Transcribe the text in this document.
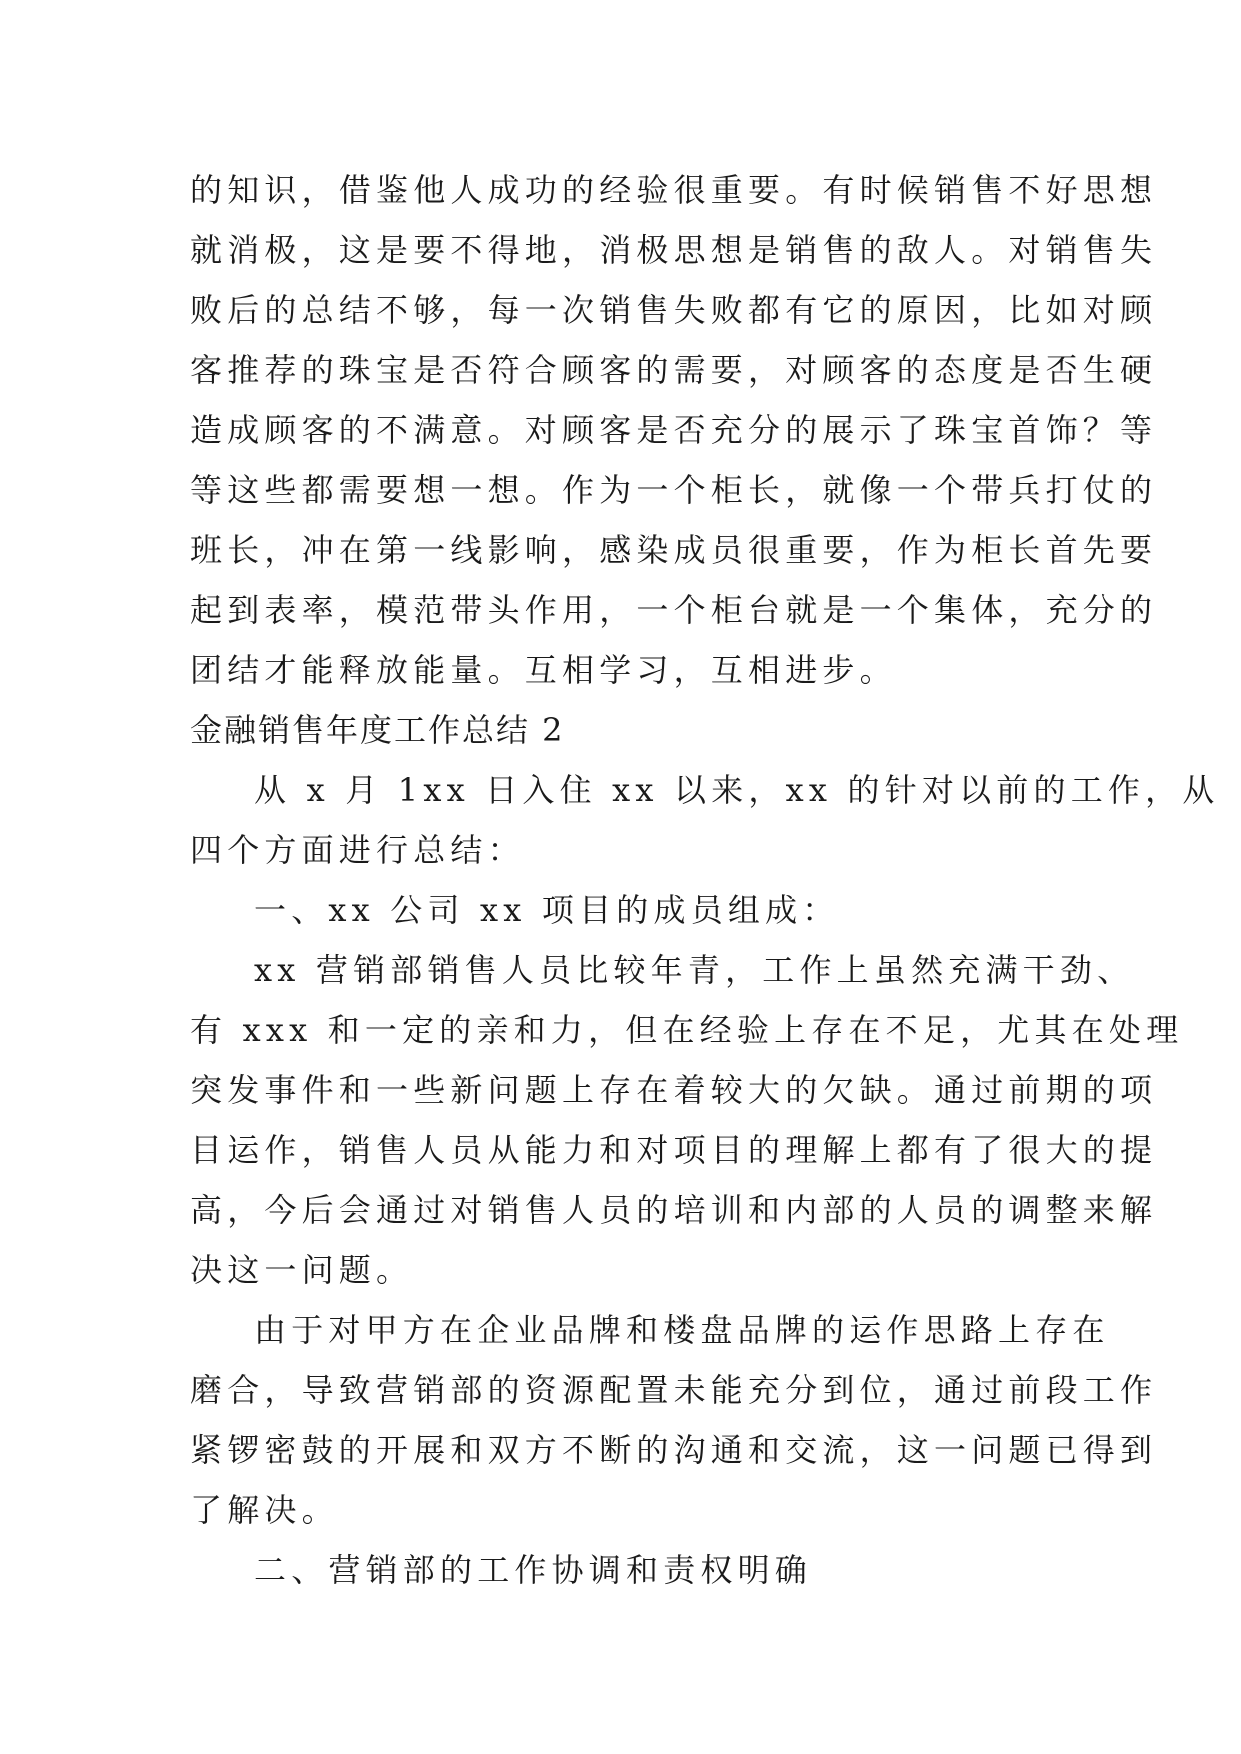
的知识，借鉴他人成功的经验很重要。有时候销售不好思想
就消极，这是要不得地，消极思想是销售的敌人。对销售失
败后的总结不够，每一次销售失败都有它的原因，比如对顾
客推荐的珠宝是否符合顾客的需要，对顾客的态度是否生硬
造成顾客的不满意。对顾客是否充分的展示了珠宝首饰？等
等这些都需要想一想。作为一个柜长，就像一个带兵打仗的
班长，冲在第一线影响，感染成员很重要，作为柜长首先要
起到表率，模范带头作用，一个柜台就是一个集体，充分的
团结才能释放能量。互相学习，互相进步。
金融销售年度工作总结 2
从 x 月 1xx 日入住 xx 以来，xx 的针对以前的工作，从
四个方面进行总结：
一、xx 公司 xx 项目的成员组成：
xx 营销部销售人员比较年青，工作上虽然充满干劲、
有 xxx 和一定的亲和力，但在经验上存在不足，尤其在处理
突发事件和一些新问题上存在着较大的欠缺。通过前期的项
目运作，销售人员从能力和对项目的理解上都有了很大的提
高，今后会通过对销售人员的培训和内部的人员的调整来解
决这一问题。
由于对甲方在企业品牌和楼盘品牌的运作思路上存在
磨合，导致营销部的资源配置未能充分到位，通过前段工作
紧锣密鼓的开展和双方不断的沟通和交流，这一问题已得到
了解决。
二、营销部的工作协调和责权明确
